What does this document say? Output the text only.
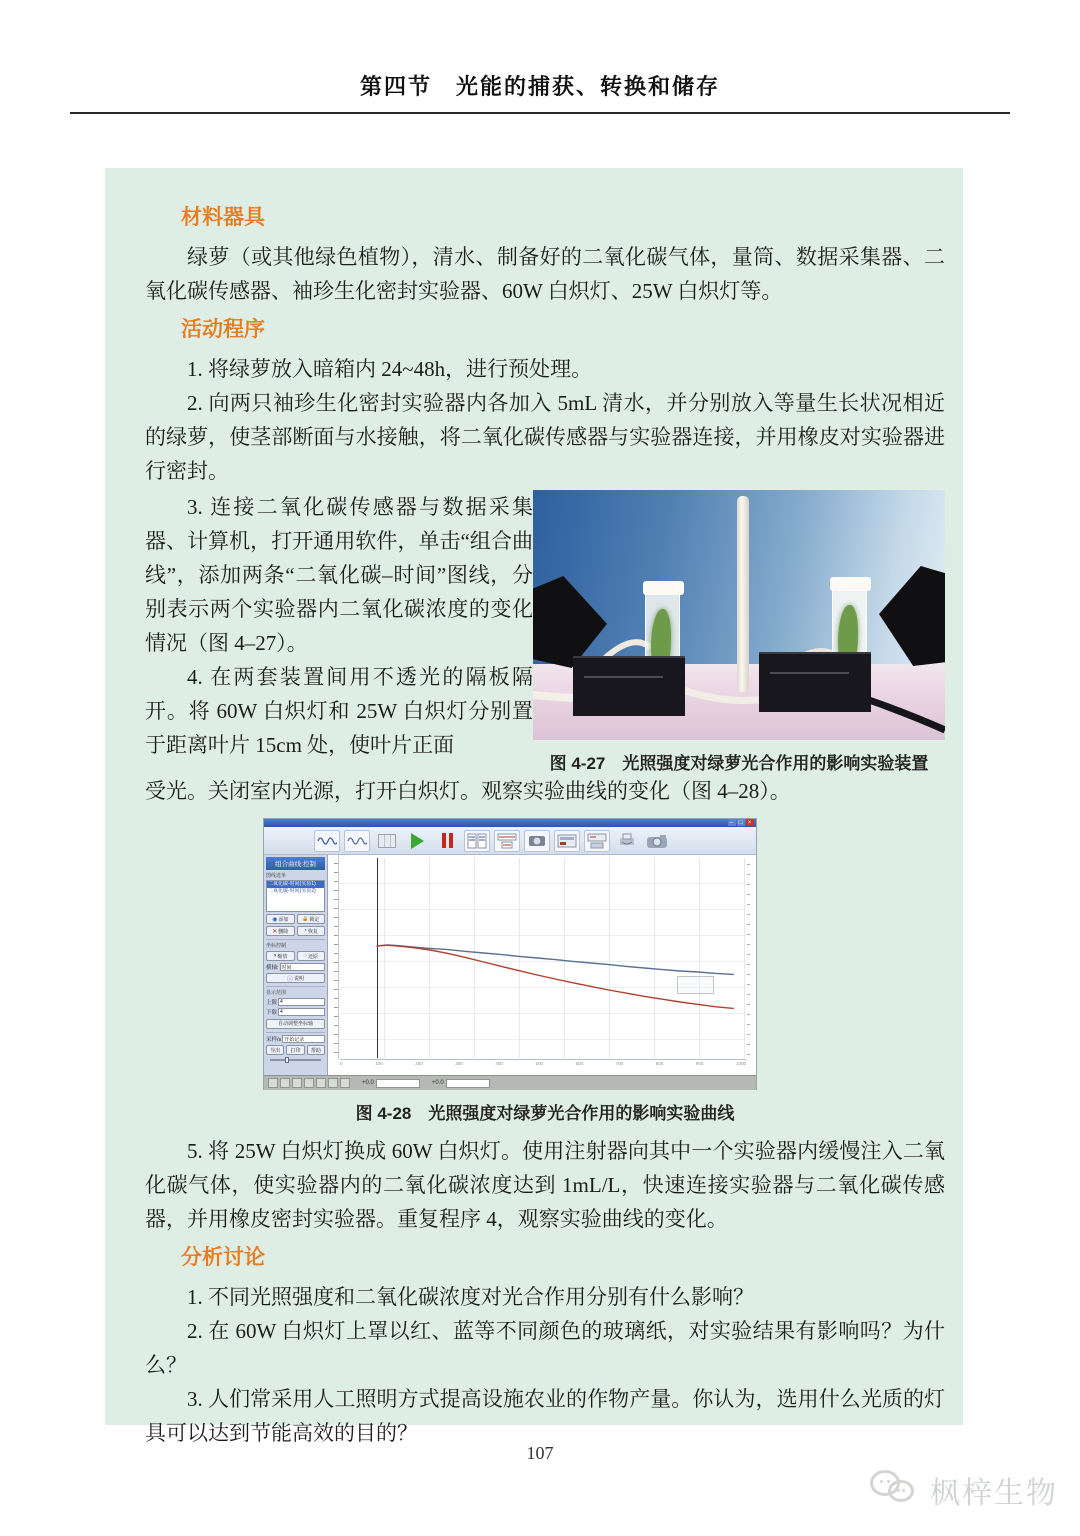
第四节　光能的捕获、转换和储存
材料器具

绿萝（或其他绿色植物），清水、制备好的二氧化碳气体，量筒、数据采集器、二氧化碳传感器、袖珍生化密封实验器、60W 白炽灯、25W 白炽灯等。

活动程序

1. 将绿萝放入暗箱内 24~48h，进行预处理。

2. 向两只袖珍生化密封实验器内各加入 5mL 清水，并分别放入等量生长状况相近的绿萝，使茎部断面与水接触，将二氧化碳传感器与实验器连接，并用橡皮对实验器进行密封。

3. 连接二氧化碳传感器与数据采集器、计算机，打开通用软件，单击“组合曲线”，添加两条“二氧化碳–时间”图线，分别表示两个实验器内二氧化碳浓度的变化情况（图 4–27）。

4. 在两套装置间用不透光的隔板隔开。将 60W 白炽灯和 25W 白炽灯分别置于距离叶片 15cm 处，使叶片正面

图 4-27　光照强度对绿萝光合作用的影响实验装置

受光。关闭室内光源，打开白炽灯。观察实验曲线的变化（图 4–28）。

– □ ×
组合曲线:控制
图线选单
二氧化碳-时间(实验1)
二氧化碳-时间(实验2)
◉ 添加	🔒 锁定
✕ 删除	◔ 恢复
坐标控制
◑ 缩放	◌ 还原
横轴: 时间
ⓘ 说明
显示范围
上限 4
下限 4
自动调整坐标轴
采样/s 开始记录
导出	打印	帮助
0	100	200	300	400	500	600	700	800	900	1000
+0.0	+0.0
图 4-28　光照强度对绿萝光合作用的影响实验曲线

5. 将 25W 白炽灯换成 60W 白炽灯。使用注射器向其中一个实验器内缓慢注入二氧化碳气体，使实验器内的二氧化碳浓度达到 1mL/L，快速连接实验器与二氧化碳传感器，并用橡皮密封实验器。重复程序 4，观察实验曲线的变化。

分析讨论

1. 不同光照强度和二氧化碳浓度对光合作用分别有什么影响？

2. 在 60W 白炽灯上罩以红、蓝等不同颜色的玻璃纸，对实验结果有影响吗？为什么？

3. 人们常采用人工照明方式提高设施农业的作物产量。你认为，选用什么光质的灯具可以达到节能高效的目的？

107
枫梓生物
